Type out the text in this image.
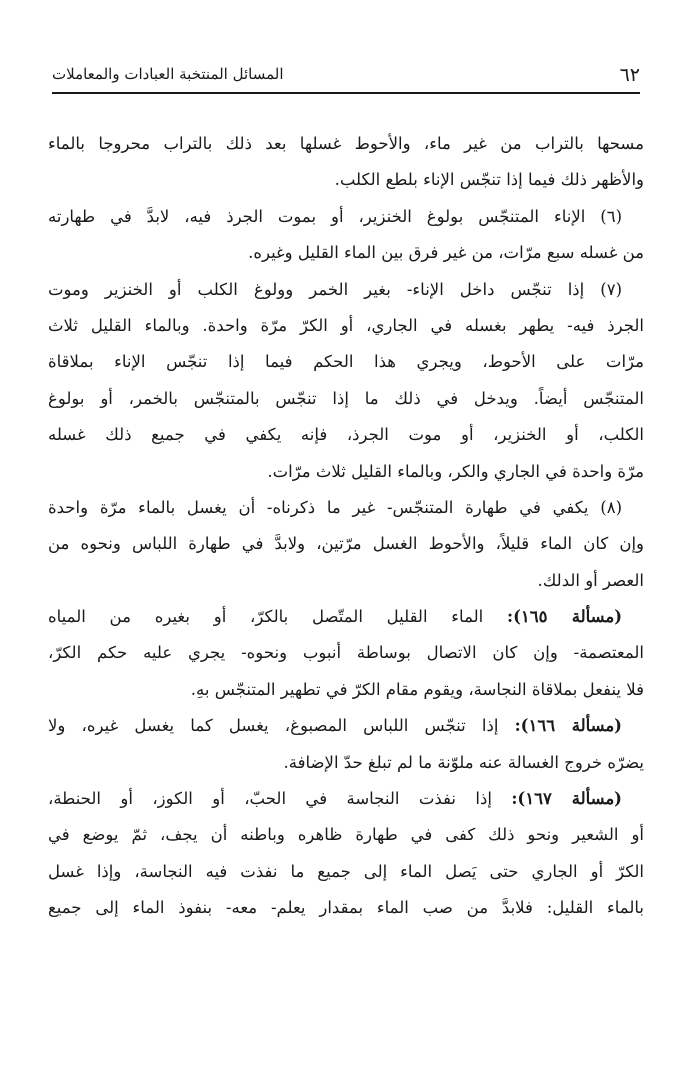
٦٢
المسائل المنتخبة العبادات والمعاملات
مسحها بالتراب من غير ماء، والأحوط غسلها بعد ذلك بالتراب محروجا بالماء
والأظهر ذلك فيما إذا تنجّس الإناء بلطع الكلب.
(٦) الإناء المتنجّس بولوغ الخنزير، أو بموت الجرذ فيه، لابدَّ في طهارته
من غسله سبع مرّات، من غير فرق بين الماء القليل وغيره.
(٧) إذا تنجّس داخل الإناء- بغير الخمر وولوغ الكلب أو الخنزير وموت
الجرذ فيه- يطهر بغسله في الجاري، أو الكرّ مرّة واحدة. وبالماء القليل ثلاث
مرّات على الأحوط، ويجري هذا الحكم فيما إذا تنجّس الإناء بملاقاة
المتنجّس أيضاً. ويدخل في ذلك ما إذا تنجّس بالمتنجّس بالخمر، أو بولوغ
الكلب، أو الخنزير، أو موت الجرذ، فإنه يكفي في جميع ذلك غسله
مرّة واحدة في الجاري والكر، وبالماء القليل ثلاث مرّات.
(٨) يكفي في طهارة المتنجّس- غير ما ذكرناه- أن يغسل بالماء مرّة واحدة
وإن كان الماء قليلاً، والأحوط الغسل مرّتين، ولابدَّ في طهارة اللباس ونحوه من
العصر أو الدلك.
(مسألة ١٦٥): الماء القليل المتّصل بالكرّ، أو بغيره من المياه
المعتصمة- وإن كان الاتصال بوساطة أنبوب ونحوه- يجري عليه حكم الكرّ،
فلا ينفعل بملاقاة النجاسة، ويقوم مقام الكرّ في تطهير المتنجّس بهِ.
(مسألة ١٦٦): إذا تنجّس اللباس المصبوغ، يغسل كما يغسل غيره، ولا
يضرّه خروج الغسالة عنه ملوّنة ما لم تبلغ حدّ الإضافة.
(مسألة ١٦٧): إذا نفذت النجاسة في الحبّ، أو الكوز، أو الحنطة،
أو الشعير ونحو ذلك كفى في طهارة ظاهره وباطنه أن يجف، ثمّ يوضع في
الكرّ أو الجاري حتى يَصل الماء إلى جميع ما نفذت فيه النجاسة، وإذا غسل
بالماء القليل: فلابدَّ من صب الماء بمقدار يعلم- معه- بنفوذ الماء إلى جميع
